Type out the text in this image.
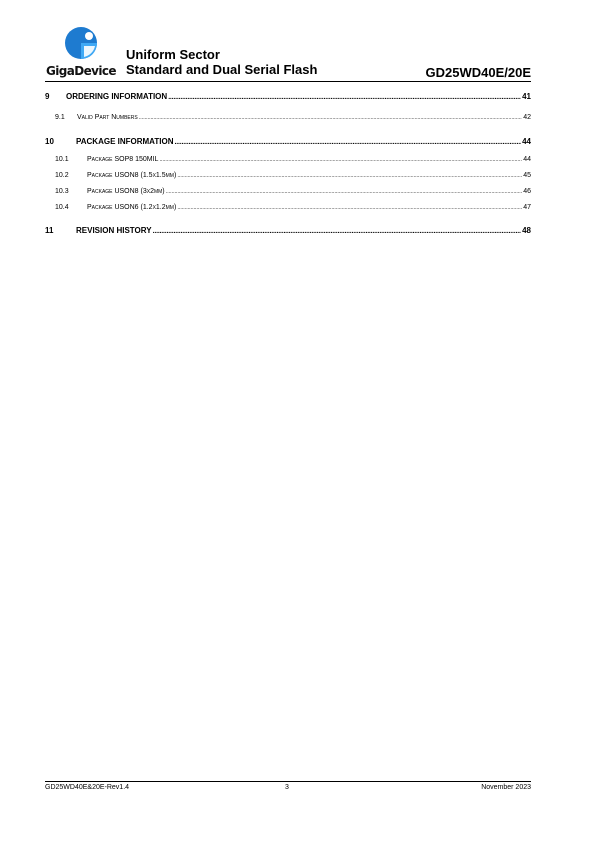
GigaDevice
Uniform Sector
Standard and Dual Serial Flash	GD25WD40E/20E
9	ORDERING INFORMATION .....	41
9.1	Valid Part Numbers .....	42
10	PACKAGE INFORMATION .....	44
10.1	Package SOP8 150MIL .....	44
10.2	Package USON8 (1.5x1.5mm) .....	45
10.3	Package USON8 (3x2mm) .....	46
10.4	Package USON6 (1.2x1.2mm) .....	47
11	REVISION HISTORY .....	48
GD25WD40E&20E-Rev1.4	3	November 2023
